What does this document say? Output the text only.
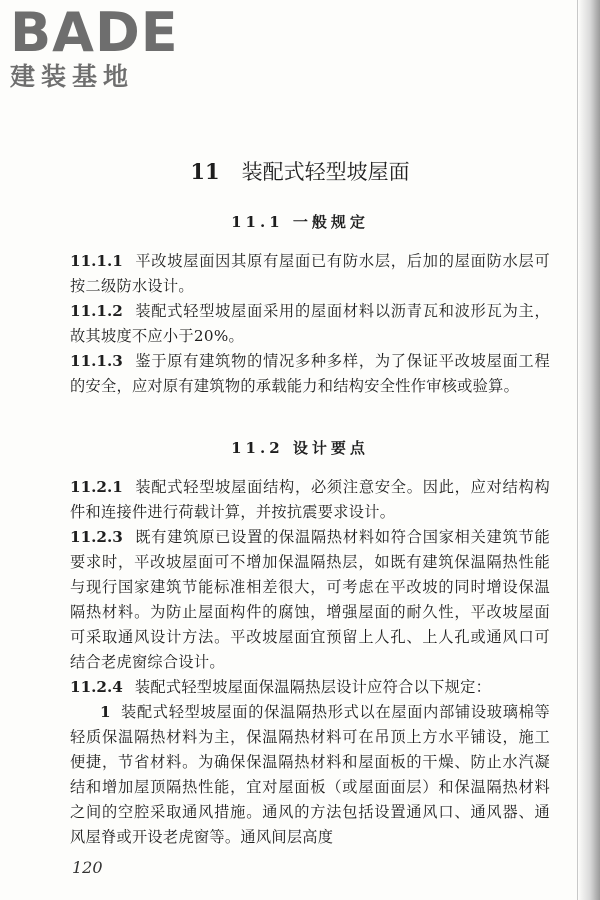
BADE
建装基地
11 装配式轻型坡屋面
11.1 一般规定
11.1.1 平改坡屋面因其原有屋面已有防水层，后加的屋面防水层可按二级防水设计。
11.1.2 装配式轻型坡屋面采用的屋面材料以沥青瓦和波形瓦为主，故其坡度不应小于20%。
11.1.3 鉴于原有建筑物的情况多种多样，为了保证平改坡屋面工程的安全，应对原有建筑物的承载能力和结构安全性作审核或验算。
11.2 设计要点
11.2.1 装配式轻型坡屋面结构，必须注意安全。因此，应对结构构件和连接件进行荷载计算，并按抗震要求设计。
11.2.3 既有建筑原已设置的保温隔热材料如符合国家相关建筑节能要求时，平改坡屋面可不增加保温隔热层，如既有建筑保温隔热性能与现行国家建筑节能标准相差很大，可考虑在平改坡的同时增设保温隔热材料。为防止屋面构件的腐蚀，增强屋面的耐久性，平改坡屋面可采取通风设计方法。平改坡屋面宜预留上人孔、上人孔或通风口可结合老虎窗综合设计。
11.2.4 装配式轻型坡屋面保温隔热层设计应符合以下规定：
1 装配式轻型坡屋面的保温隔热形式以在屋面内部铺设玻璃棉等轻质保温隔热材料为主，保温隔热材料可在吊顶上方水平铺设，施工便捷，节省材料。为确保保温隔热材料和屋面板的干燥、防止水汽凝结和增加屋顶隔热性能，宜对屋面板（或屋面面层）和保温隔热材料之间的空腔采取通风措施。通风的方法包括设置通风口、通风器、通风屋脊或开设老虎窗等。通风间层高度
120
